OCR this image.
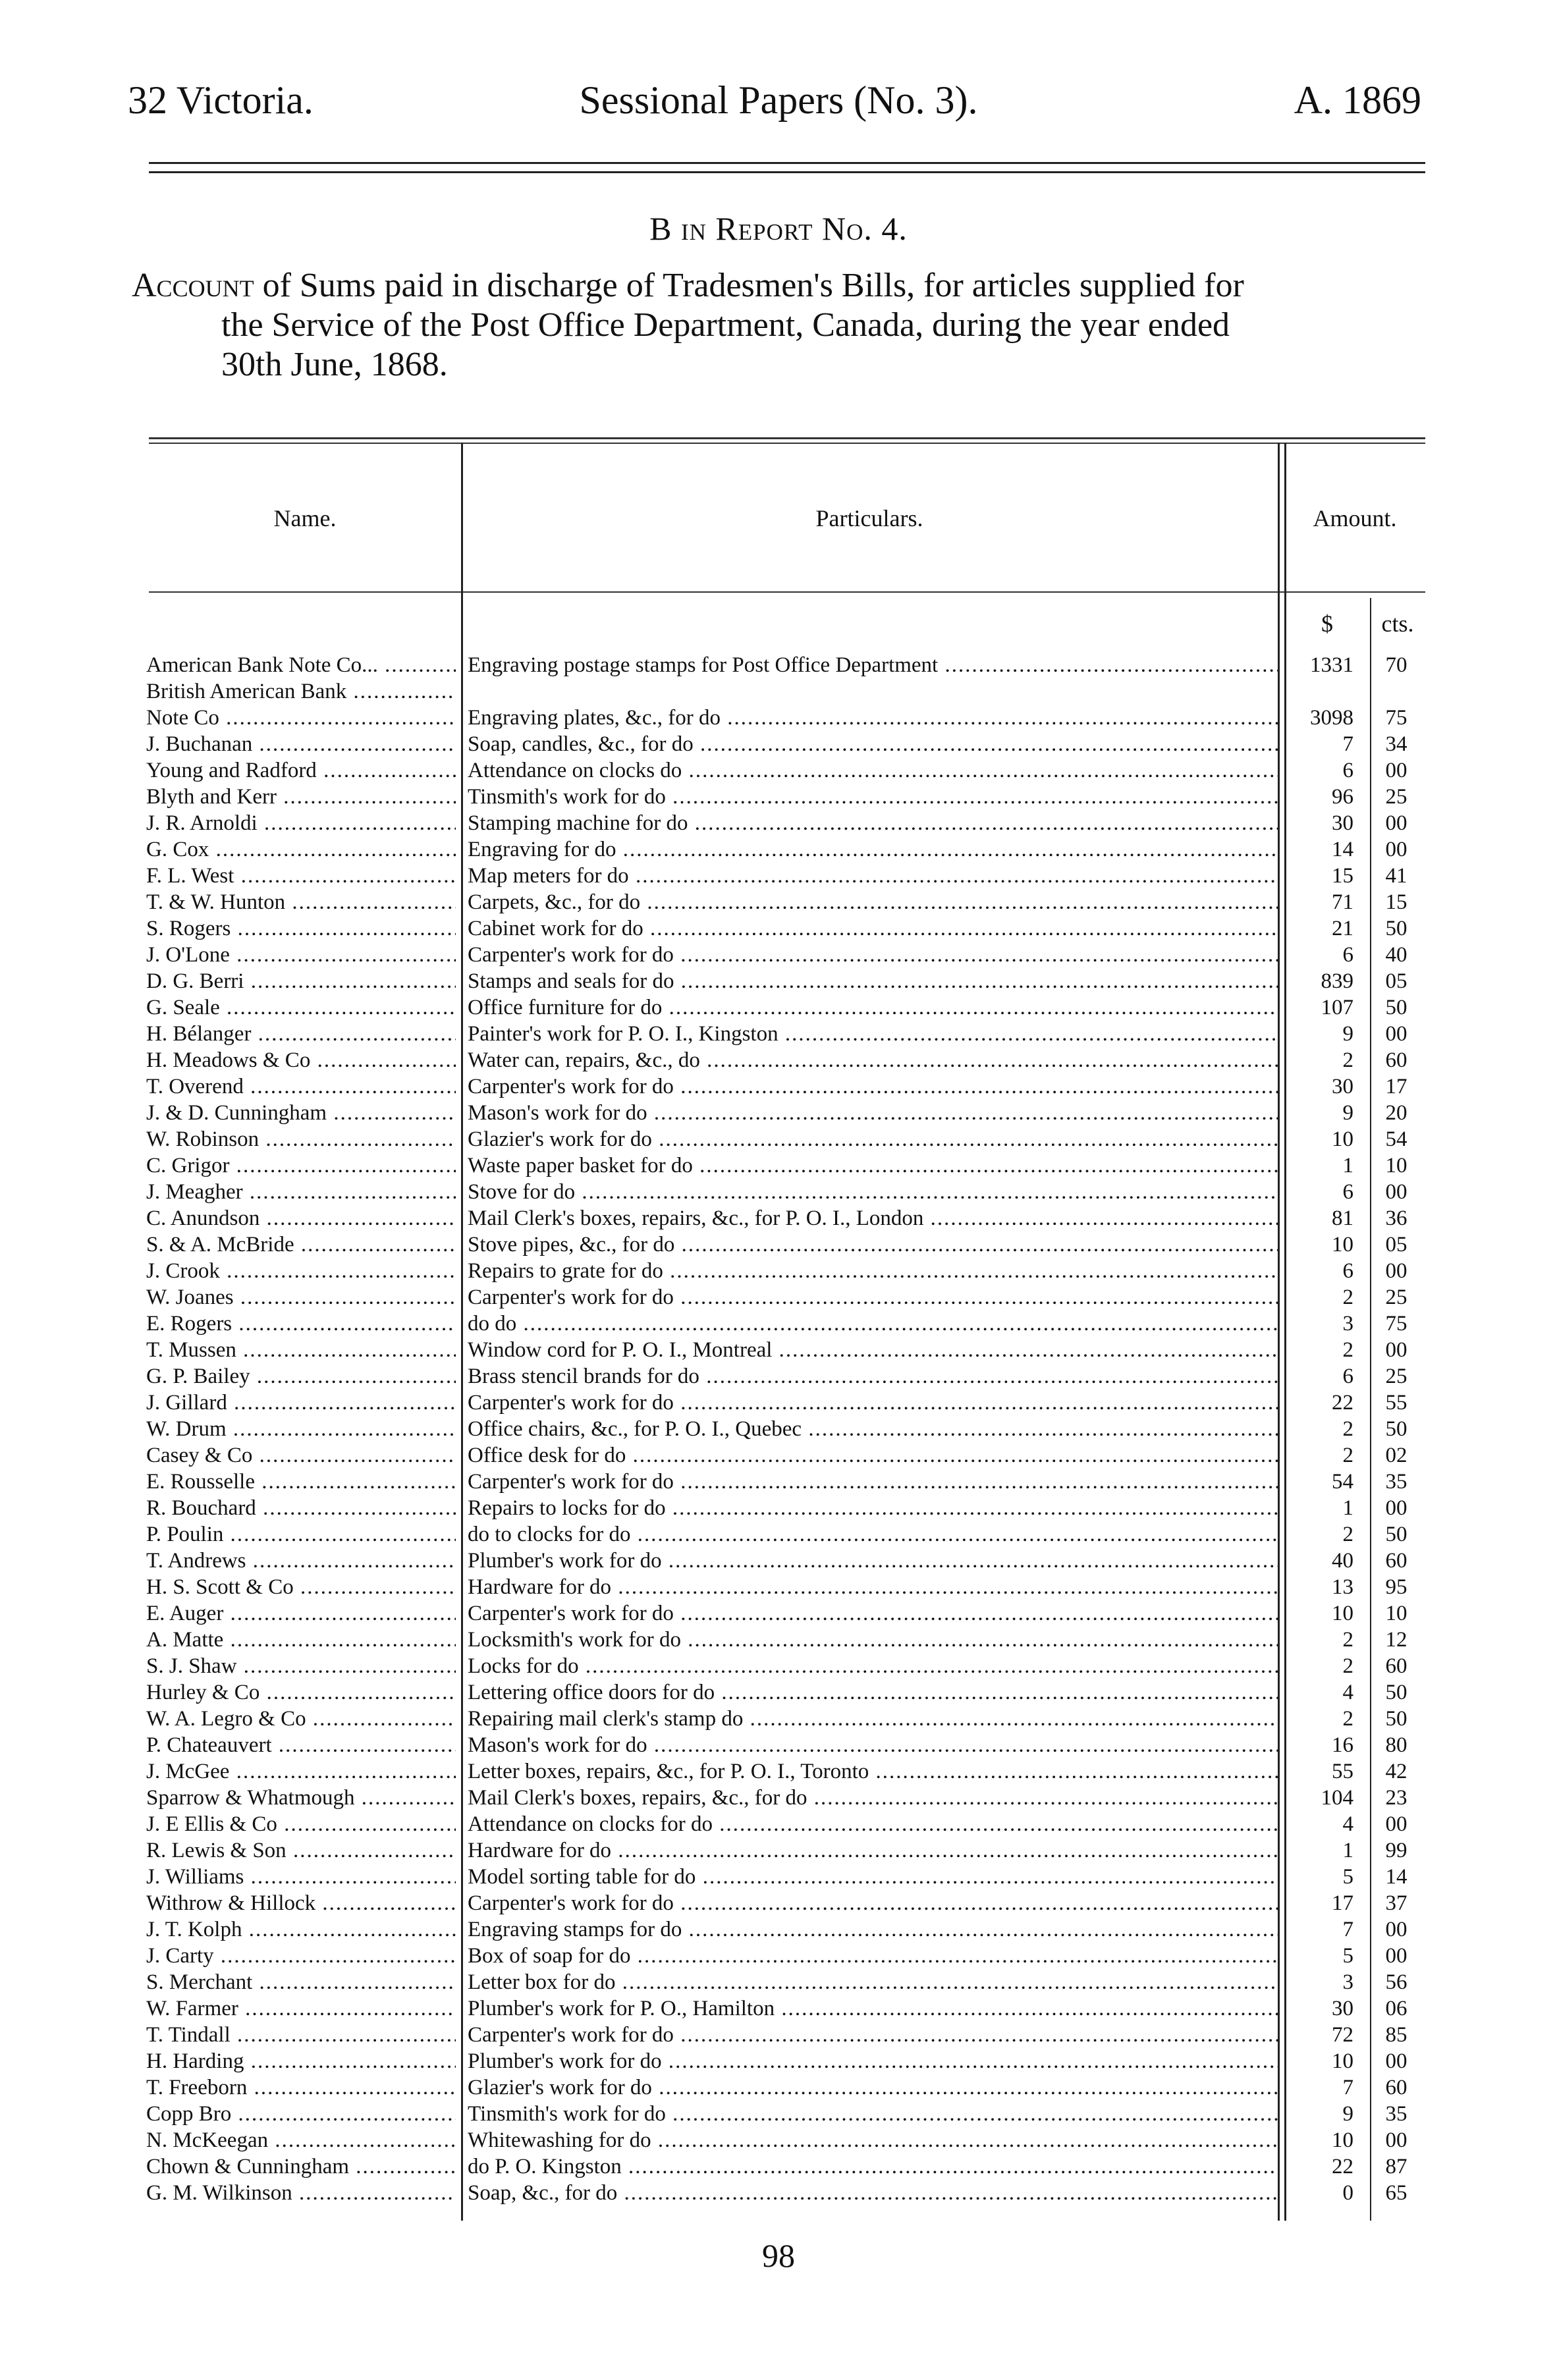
32 Victoria.	Sessional Papers (No. 3).	A. 1869
B in Report No. 4.
Account of Sums paid in discharge of Tradesmen's Bills, for articles supplied for
the Service of the Post Office Department, Canada, during the year ended
30th June, 1868.
Name.	Particulars.	Amount.
$	cts.
American Bank Note Co... .....	Engraving postage stamps for Post Office Department .....	1331	70
British American Bank .....
Note Co .....	Engraving plates, &c., for do .....	3098	75
J. Buchanan .....	Soap, candles, &c., for do .....	7	34
Young and Radford .....	Attendance on clocks do .....	6	00
Blyth and Kerr .....	Tinsmith's work for do .....	96	25
J. R. Arnoldi .....	Stamping machine for do .....	30	00
G. Cox .....	Engraving for do .....	14	00
F. L. West .....	Map meters for do .....	15	41
T. & W. Hunton .....	Carpets, &c., for do .....	71	15
S. Rogers .....	Cabinet work for do .....	21	50
J. O'Lone .....	Carpenter's work for do .....	6	40
D. G. Berri .....	Stamps and seals for do .....	839	05
G. Seale .....	Office furniture for do .....	107	50
H. Bélanger .....	Painter's work for P. O. I., Kingston .....	9	00
H. Meadows & Co .....	Water can, repairs, &c., do .....	2	60
T. Overend .....	Carpenter's work for do .....	30	17
J. & D. Cunningham .....	Mason's work for do .....	9	20
W. Robinson .....	Glazier's work for do .....	10	54
C. Grigor .....	Waste paper basket for do .....	1	10
J. Meagher .....	Stove for do .....	6	00
C. Anundson .....	Mail Clerk's boxes, repairs, &c., for P. O. I., London .....	81	36
S. & A. McBride .....	Stove pipes, &c., for do .....	10	05
J. Crook .....	Repairs to grate for do .....	6	00
W. Joanes .....	Carpenter's work for do .....	2	25
E. Rogers .....	do do .....	3	75
T. Mussen .....	Window cord for P. O. I., Montreal .....	2	00
G. P. Bailey .....	Brass stencil brands for do .....	6	25
J. Gillard .....	Carpenter's work for do .....	22	55
W. Drum .....	Office chairs, &c., for P. O. I., Quebec .....	2	50
Casey & Co .....	Office desk for do .....	2	02
E. Rousselle .....	Carpenter's work for do .....	54	35
R. Bouchard .....	Repairs to locks for do .....	1	00
P. Poulin .....	do to clocks for do .....	2	50
T. Andrews .....	Plumber's work for do .....	40	60
H. S. Scott & Co .....	Hardware for do .....	13	95
E. Auger .....	Carpenter's work for do .....	10	10
A. Matte .....	Locksmith's work for do .....	2	12
S. J. Shaw .....	Locks for do .....	2	60
Hurley & Co .....	Lettering office doors for do .....	4	50
W. A. Legro & Co .....	Repairing mail clerk's stamp do .....	2	50
P. Chateauvert .....	Mason's work for do .....	16	80
J. McGee .....	Letter boxes, repairs, &c., for P. O. I., Toronto .....	55	42
Sparrow & Whatmough .....	Mail Clerk's boxes, repairs, &c., for do .....	104	23
J. E Ellis & Co .....	Attendance on clocks for do .....	4	00
R. Lewis & Son .....	Hardware for do .....	1	99
J. Williams .....	Model sorting table for do .....	5	14
Withrow & Hillock .....	Carpenter's work for do .....	17	37
J. T. Kolph .....	Engraving stamps for do .....	7	00
J. Carty .....	Box of soap for do .....	5	00
S. Merchant .....	Letter box for do .....	3	56
W. Farmer .....	Plumber's work for P. O., Hamilton .....	30	06
T. Tindall .....	Carpenter's work for do .....	72	85
H. Harding .....	Plumber's work for do .....	10	00
T. Freeborn .....	Glazier's work for do .....	7	60
Copp Bro .....	Tinsmith's work for do .....	9	35
N. McKeegan .....	Whitewashing for do .....	10	00
Chown & Cunningham .....	do P. O. Kingston .....	22	87
G. M. Wilkinson .....	Soap, &c., for do .....	0	65
98
